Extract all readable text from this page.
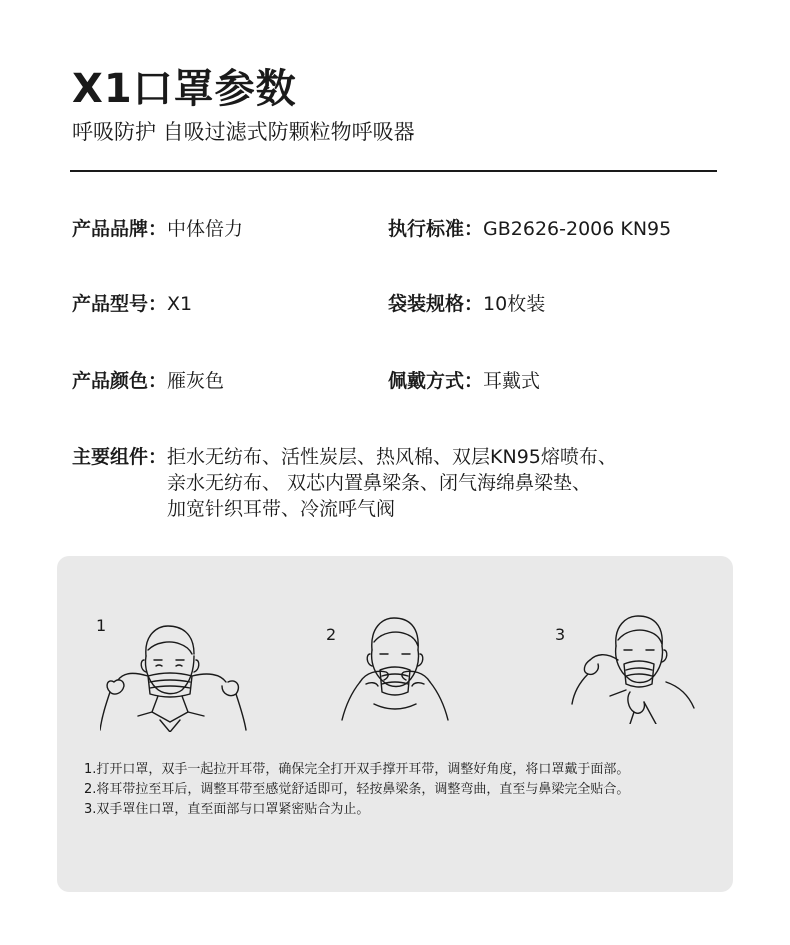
X1口罩参数
呼吸防护 自吸过滤式防颗粒物呼吸器
产品品牌：中体倍力	执行标准：GB2626-2006 KN95
产品型号：X1	袋装规格：10枚装
产品颜色：雁灰色	佩戴方式：耳戴式
主要组件： 拒水无纺布、活性炭层、热风棉、双层KN95熔喷布、
亲水无纺布、 双芯内置鼻梁条、闭气海绵鼻梁垫、
加宽针织耳带、冷流呼气阀
1	2	3
1.打开口罩，双手一起拉开耳带，确保完全打开双手撑开耳带，调整好角度，将口罩戴于面部。
2.将耳带拉至耳后，调整耳带至感觉舒适即可，轻按鼻梁条，调整弯曲，直至与鼻梁完全贴合。
3.双手罩住口罩，直至面部与口罩紧密贴合为止。
